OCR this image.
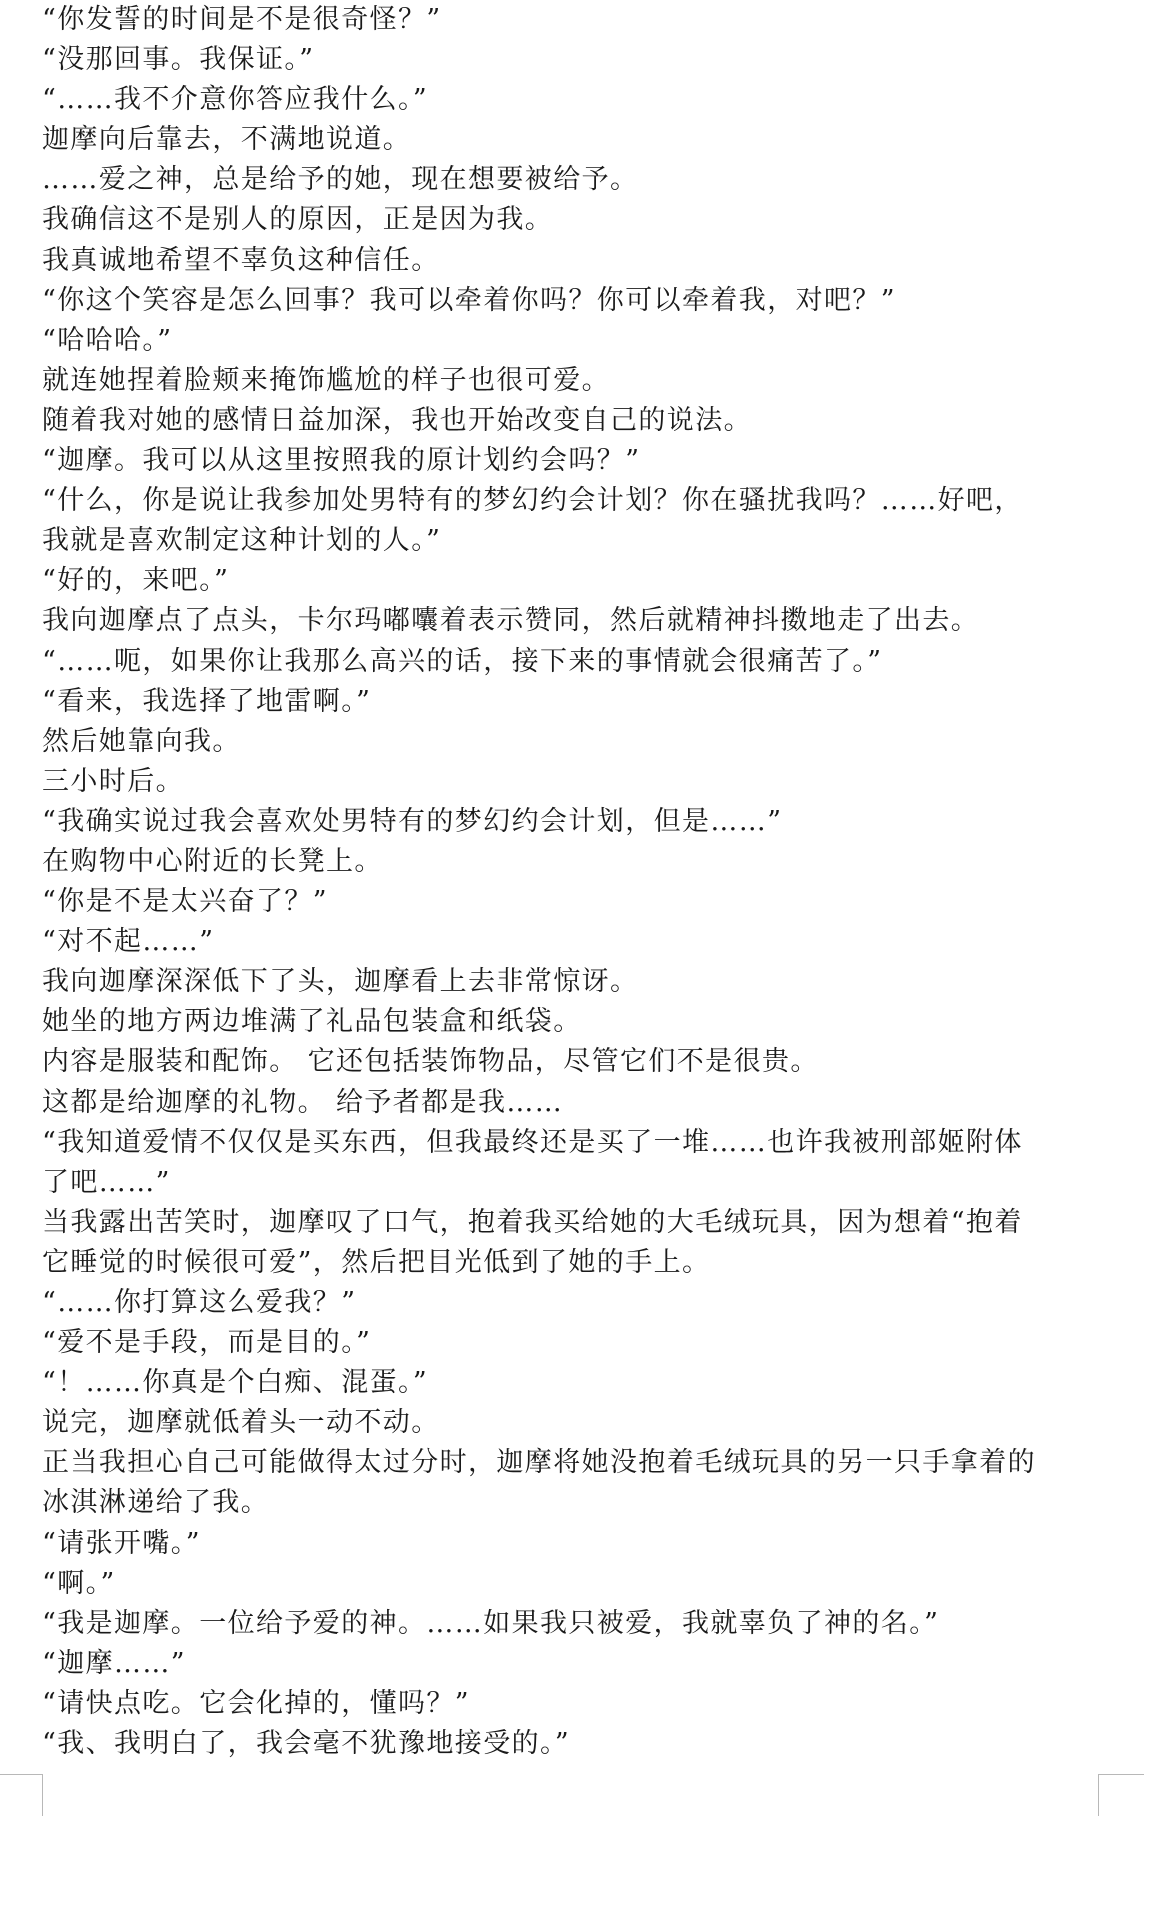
“你发誓的时间是不是很奇怪？”
“没那回事。我保证。”
“……我不介意你答应我什么。”
迦摩向后靠去，不满地说道。
……爱之神，总是给予的她，现在想要被给予。
我确信这不是别人的原因，正是因为我。
我真诚地希望不辜负这种信任。
“你这个笑容是怎么回事？我可以牵着你吗？你可以牵着我，对吧？”
“哈哈哈。”
就连她捏着脸颊来掩饰尴尬的样子也很可爱。
随着我对她的感情日益加深，我也开始改变自己的说法。
“迦摩。我可以从这里按照我的原计划约会吗？”
“什么，你是说让我参加处男特有的梦幻约会计划？你在骚扰我吗？……好吧，
我就是喜欢制定这种计划的人。”
“好的，来吧。”
我向迦摩点了点头，卡尔玛嘟囔着表示赞同，然后就精神抖擞地走了出去。
“……呃，如果你让我那么高兴的话，接下来的事情就会很痛苦了。”
“看来，我选择了地雷啊。”
然后她靠向我。
三小时后。
“我确实说过我会喜欢处男特有的梦幻约会计划，但是……”
在购物中心附近的长凳上。
“你是不是太兴奋了？”
“对不起……”
我向迦摩深深低下了头，迦摩看上去非常惊讶。
她坐的地方两边堆满了礼品包装盒和纸袋。
内容是服装和配饰。 它还包括装饰物品，尽管它们不是很贵。
这都是给迦摩的礼物。 给予者都是我……
“我知道爱情不仅仅是买东西，但我最终还是买了一堆……也许我被刑部姬附体
了吧……”
当我露出苦笑时，迦摩叹了口气，抱着我买给她的大毛绒玩具，因为想着“抱着
它睡觉的时候很可爱”，然后把目光低到了她的手上。
“……你打算这么爱我？”
“爱不是手段，而是目的。”
“！……你真是个白痴、混蛋。”
说完，迦摩就低着头一动不动。
正当我担心自己可能做得太过分时，迦摩将她没抱着毛绒玩具的另一只手拿着的
冰淇淋递给了我。
“请张开嘴。”
“啊。”
“我是迦摩。一位给予爱的神。……如果我只被爱，我就辜负了神的名。”
“迦摩……”
“请快点吃。它会化掉的，懂吗？”
“我、我明白了，我会毫不犹豫地接受的。”
